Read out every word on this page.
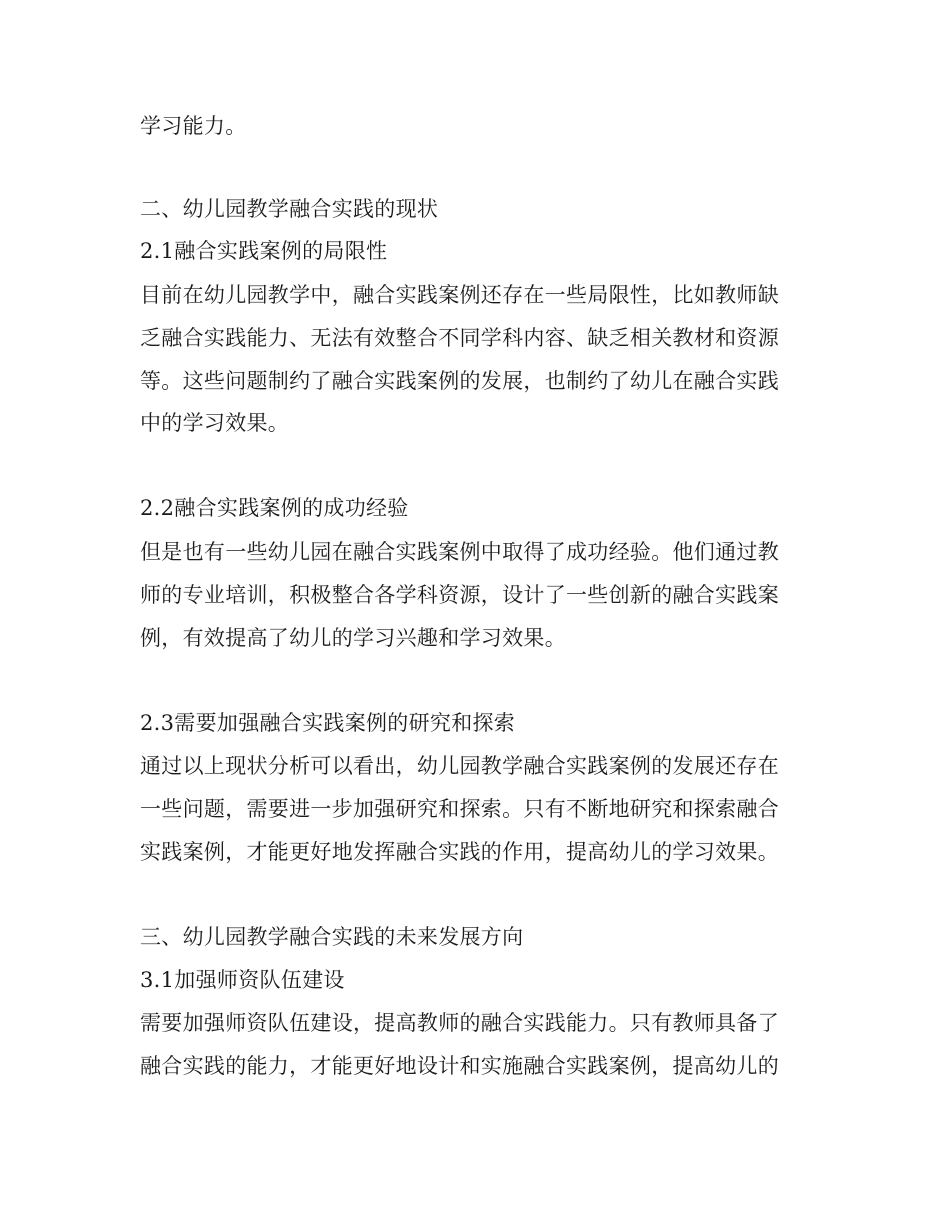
学习能力。
二、幼儿园教学融合实践的现状
2.1融合实践案例的局限性
目前在幼儿园教学中，融合实践案例还存在一些局限性，比如教师缺
乏融合实践能力、无法有效整合不同学科内容、缺乏相关教材和资源
等。这些问题制约了融合实践案例的发展，也制约了幼儿在融合实践
中的学习效果。
2.2融合实践案例的成功经验
但是也有一些幼儿园在融合实践案例中取得了成功经验。他们通过教
师的专业培训，积极整合各学科资源，设计了一些创新的融合实践案
例，有效提高了幼儿的学习兴趣和学习效果。
2.3需要加强融合实践案例的研究和探索
通过以上现状分析可以看出，幼儿园教学融合实践案例的发展还存在
一些问题，需要进一步加强研究和探索。只有不断地研究和探索融合
实践案例，才能更好地发挥融合实践的作用，提高幼儿的学习效果。
三、幼儿园教学融合实践的未来发展方向
3.1加强师资队伍建设
需要加强师资队伍建设，提高教师的融合实践能力。只有教师具备了
融合实践的能力，才能更好地设计和实施融合实践案例，提高幼儿的
